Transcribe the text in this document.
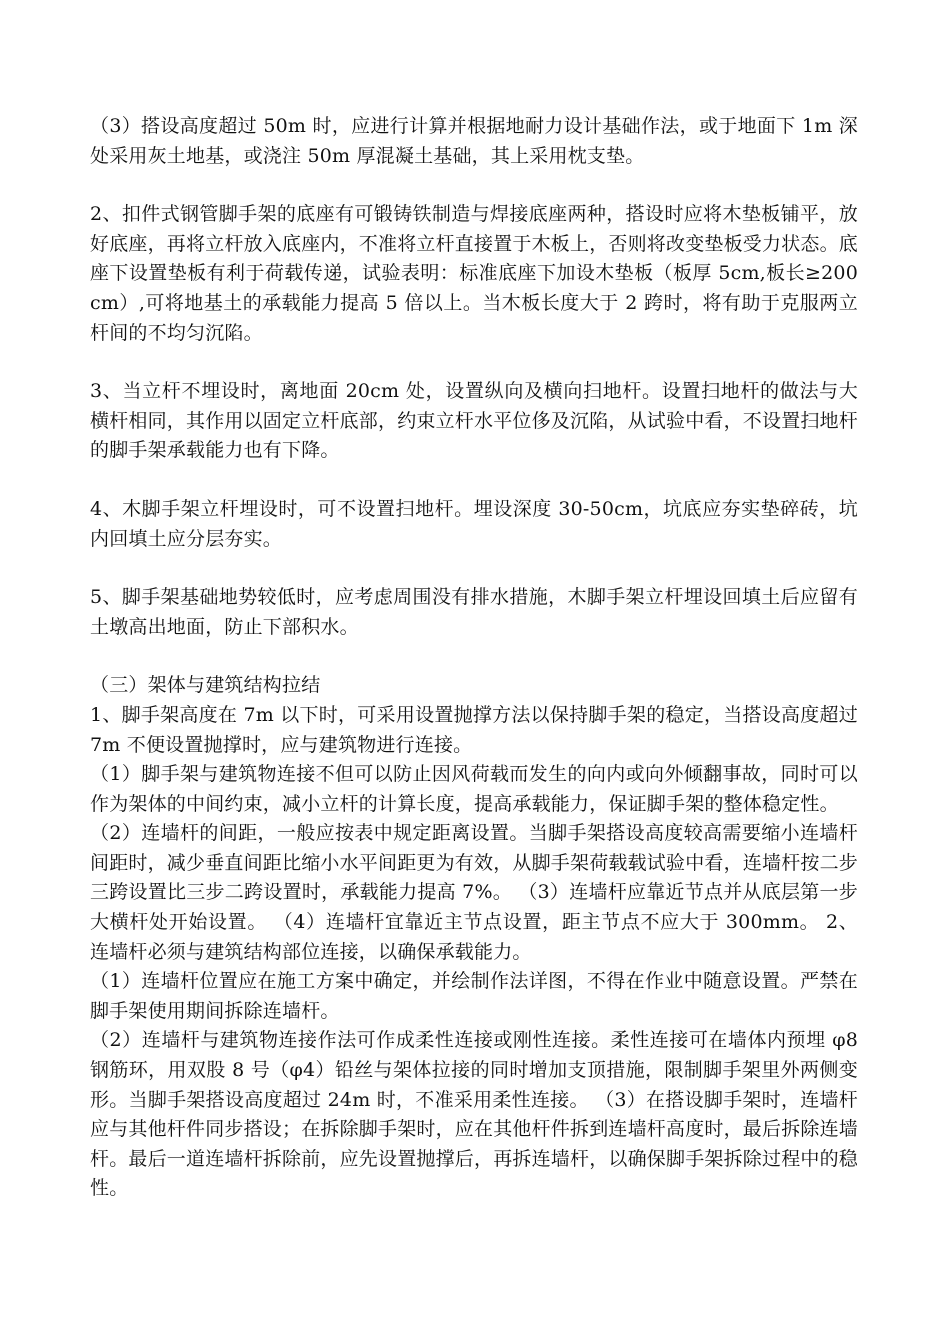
（3）搭设高度超过 50m 时，应进行计算并根据地耐力设计基础作法，或于地面下 1m 深处采用灰土地基，或浇注 50m 厚混凝土基础，其上采用枕支垫。

2、扣件式钢管脚手架的底座有可锻铸铁制造与焊接底座两种，搭设时应将木垫板铺平，放好底座，再将立杆放入底座内，不准将立杆直接置于木板上，否则将改变垫板受力状态。底座下设置垫板有利于荷载传递，试验表明：标准底座下加设木垫板（板厚 5cm,板长≥200cm）,可将地基土的承载能力提高 5 倍以上。当木板长度大于 2 跨时，将有助于克服两立杆间的不均匀沉陷。

3、当立杆不埋设时，离地面 20cm 处，设置纵向及横向扫地杆。设置扫地杆的做法与大横杆相同，其作用以固定立杆底部，约束立杆水平位侈及沉陷，从试验中看，不设置扫地杆的脚手架承载能力也有下降。

4、木脚手架立杆埋设时，可不设置扫地杆。埋设深度 30-50cm，坑底应夯实垫碎砖，坑内回填土应分层夯实。

5、脚手架基础地势较低时，应考虑周围没有排水措施，木脚手架立杆埋设回填土后应留有土墩高出地面，防止下部积水。

（三）架体与建筑结构拉结

1、脚手架高度在 7m 以下时，可采用设置抛撑方法以保持脚手架的稳定，当搭设高度超过 7m 不便设置抛撑时，应与建筑物进行连接。

（1）脚手架与建筑物连接不但可以防止因风荷载而发生的向内或向外倾翻事故，同时可以作为架体的中间约束，减小立杆的计算长度，提高承载能力，保证脚手架的整体稳定性。

（2）连墙杆的间距，一般应按表中规定距离设置。当脚手架搭设高度较高需要缩小连墙杆间距时，减少垂直间距比缩小水平间距更为有效，从脚手架荷载载试验中看，连墙杆按二步三跨设置比三步二跨设置时，承载能力提高 7%。 （3）连墙杆应靠近节点并从底层第一步大横杆处开始设置。 （4）连墙杆宜靠近主节点设置，距主节点不应大于 300mm。 2、连墙杆必须与建筑结构部位连接，以确保承载能力。

（1）连墙杆位置应在施工方案中确定，并绘制作法详图，不得在作业中随意设置。严禁在脚手架使用期间拆除连墙杆。

（2）连墙杆与建筑物连接作法可作成柔性连接或刚性连接。柔性连接可在墙体内预埋 φ8 钢筋环，用双股 8 号（φ4）铅丝与架体拉接的同时增加支顶措施，限制脚手架里外两侧变形。当脚手架搭设高度超过 24m 时，不准采用柔性连接。 （3）在搭设脚手架时，连墙杆应与其他杆件同步搭设；在拆除脚手架时，应在其他杆件拆到连墙杆高度时，最后拆除连墙杆。最后一道连墙杆拆除前，应先设置抛撑后，再拆连墙杆，以确保脚手架拆除过程中的稳性。
